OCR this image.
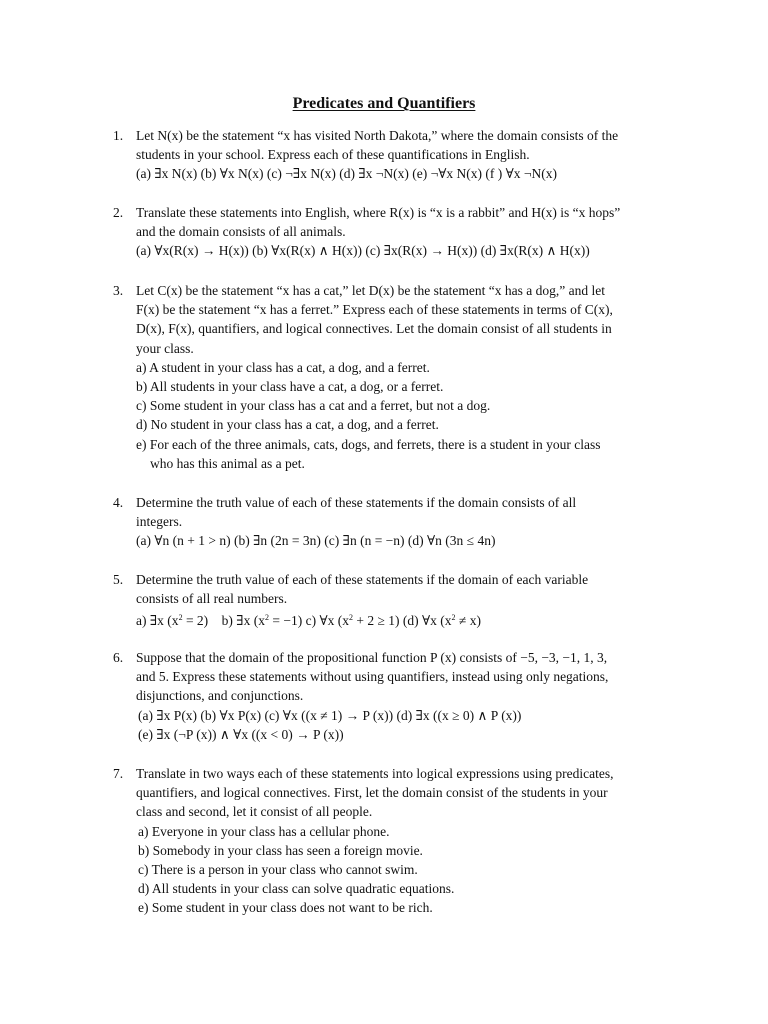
Predicates and Quantifiers
1. Let N(x) be the statement “x has visited North Dakota,” where the domain consists of the
students in your school. Express each of these quantifications in English.
(a) ∃x N(x) (b) ∀x N(x) (c) ¬∃x N(x) (d) ∃x ¬N(x) (e) ¬∀x N(x) (f ) ∀x ¬N(x)
2. Translate these statements into English, where R(x) is “x is a rabbit” and H(x) is “x hops”
and the domain consists of all animals.
(a) ∀x(R(x) → H(x)) (b) ∀x(R(x) ∧ H(x)) (c) ∃x(R(x) → H(x)) (d) ∃x(R(x) ∧ H(x))
3. Let C(x) be the statement “x has a cat,” let D(x) be the statement “x has a dog,” and let
F(x) be the statement “x has a ferret.” Express each of these statements in terms of C(x),
D(x), F(x), quantifiers, and logical connectives. Let the domain consist of all students in
your class.
a) A student in your class has a cat, a dog, and a ferret.
b) All students in your class have a cat, a dog, or a ferret.
c) Some student in your class has a cat and a ferret, but not a dog.
d) No student in your class has a cat, a dog, and a ferret.
e) For each of the three animals, cats, dogs, and ferrets, there is a student in your class
who has this animal as a pet.
4. Determine the truth value of each of these statements if the domain consists of all
integers.
(a) ∀n (n + 1 > n) (b) ∃n (2n = 3n) (c) ∃n (n = −n) (d) ∀n (3n ≤ 4n)
5. Determine the truth value of each of these statements if the domain of each variable
consists of all real numbers.
a) ∃x $(x^2 = 2)$ b) ∃x $(x^2 = -1)$ c) ∀x $(x^2 + 2 \ge 1)$ (d) ∀x $(x^2 \ne x)$
6. Suppose that the domain of the propositional function P (x) consists of −5, −3, −1, 1, 3,
and 5. Express these statements without using quantifiers, instead using only negations,
disjunctions, and conjunctions.
(a) ∃x P(x) (b) ∀x P(x) (c) ∀x ((x ≠ 1) → P (x)) (d) ∃x ((x ≥ 0) ∧ P (x))
(e) ∃x (¬P (x)) ∧ ∀x ((x < 0) → P (x))
7. Translate in two ways each of these statements into logical expressions using predicates,
quantifiers, and logical connectives. First, let the domain consist of the students in your
class and second, let it consist of all people.
a) Everyone in your class has a cellular phone.
b) Somebody in your class has seen a foreign movie.
c) There is a person in your class who cannot swim.
d) All students in your class can solve quadratic equations.
e) Some student in your class does not want to be rich.
